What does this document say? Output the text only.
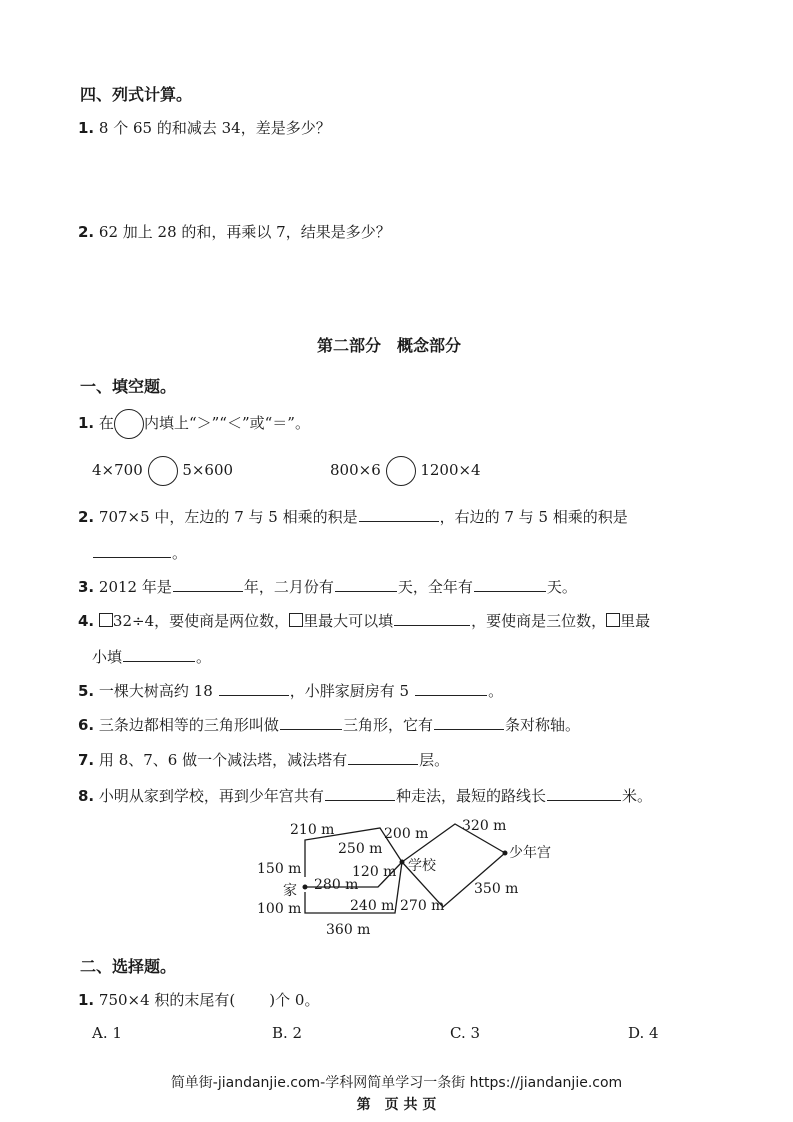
四、列式计算。
1. 8 个 65 的和减去 34，差是多少？
2. 62 加上 28 的和，再乘以 7，结果是多少？
第二部分　概念部分
一、填空题。
1. 在 内填上“＞”“＜”或“＝”。
4×700	5×600	800×6	1200×4
2. 707×5 中，左边的 7 与 5 相乘的积是	，右边的 7 与 5 相乘的积是
。
3. 2012 年是	年，二月份有	天，全年有	天。
4. 32÷4，要使商是两位数， 里最大可以填	，要使商是三位数， 里最
小填	。
5. 一棵大树高约 18	，小胖家厨房有 5	。
6. 三条边都相等的三角形叫做	三角形，它有	条对称轴。
7. 用 8、7、6 做一个减法塔，减法塔有	层。
8. 小明从家到学校，再到少年宫共有	种走法，最短的路线长	米。
210 m	200 m 320 m
250 m
150 m	120 m
280 m	350 m
240 m 270 m
100 m
360 m
家
学校
少年宫
二、选择题。
1. 750×4 积的末尾有( )个 0。
A. 1	B. 2	C. 3	D. 4
简单街-jiandanjie.com-学科网简单学习一条街 https://jiandanjie.com
第　页 共 页
